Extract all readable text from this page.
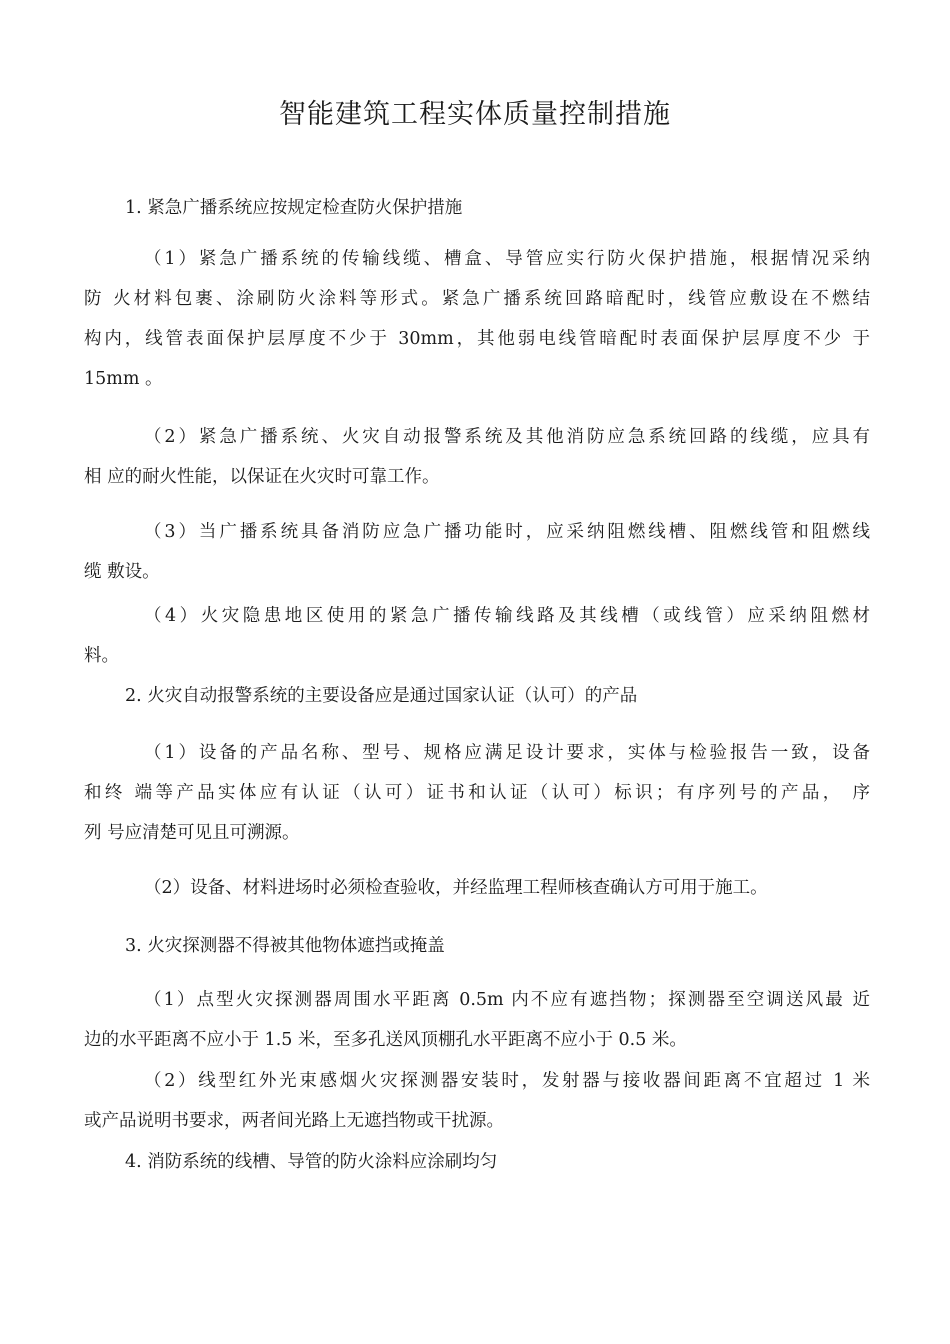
智能建筑工程实体质量控制措施

1. 紧急广播系统应按规定检查防火保护措施

（1）紧急广播系统的传输线缆、槽盒、导管应实行防火保护措施，根据情况采纳
防 火材料包裹、涂刷防火涂料等形式。紧急广播系统回路暗配时，线管应敷设在不燃结
构内，线管表面保护层厚度不少于 30mm，其他弱电线管暗配时表面保护层厚度不少 于
15mm 。
（2）紧急广播系统、火灾自动报警系统及其他消防应急系统回路的线缆，应具有
相 应的耐火性能，以保证在火灾时可靠工作。
（3）当广播系统具备消防应急广播功能时，应采纳阻燃线槽、阻燃线管和阻燃线
缆 敷设。
（4）火灾隐患地区使用的紧急广播传输线路及其线槽（或线管）应采纳阻燃材
料。

2. 火灾自动报警系统的主要设备应是通过国家认证（认可）的产品

（1）设备的产品名称、型号、规格应满足设计要求，实体与检验报告一致，设备
和终 端等产品实体应有认证（认可）证书和认证（认可）标识；有序列号的产品， 序
列 号应清楚可见且可溯源。
（2）设备、材料进场时必须检查验收，并经监理工程师核查确认方可用于施工。

3. 火灾探测器不得被其他物体遮挡或掩盖

（1）点型火灾探测器周围水平距离 0.5m 内不应有遮挡物；探测器至空调送风最 近
边的水平距离不应小于 1.5 米，至多孔送风顶棚孔水平距离不应小于 0.5 米。
（2）线型红外光束感烟火灾探测器安装时，发射器与接收器间距离不宜超过 1 米
或产品说明书要求，两者间光路上无遮挡物或干扰源。

4. 消防系统的线槽、导管的防火涂料应涂刷均匀
